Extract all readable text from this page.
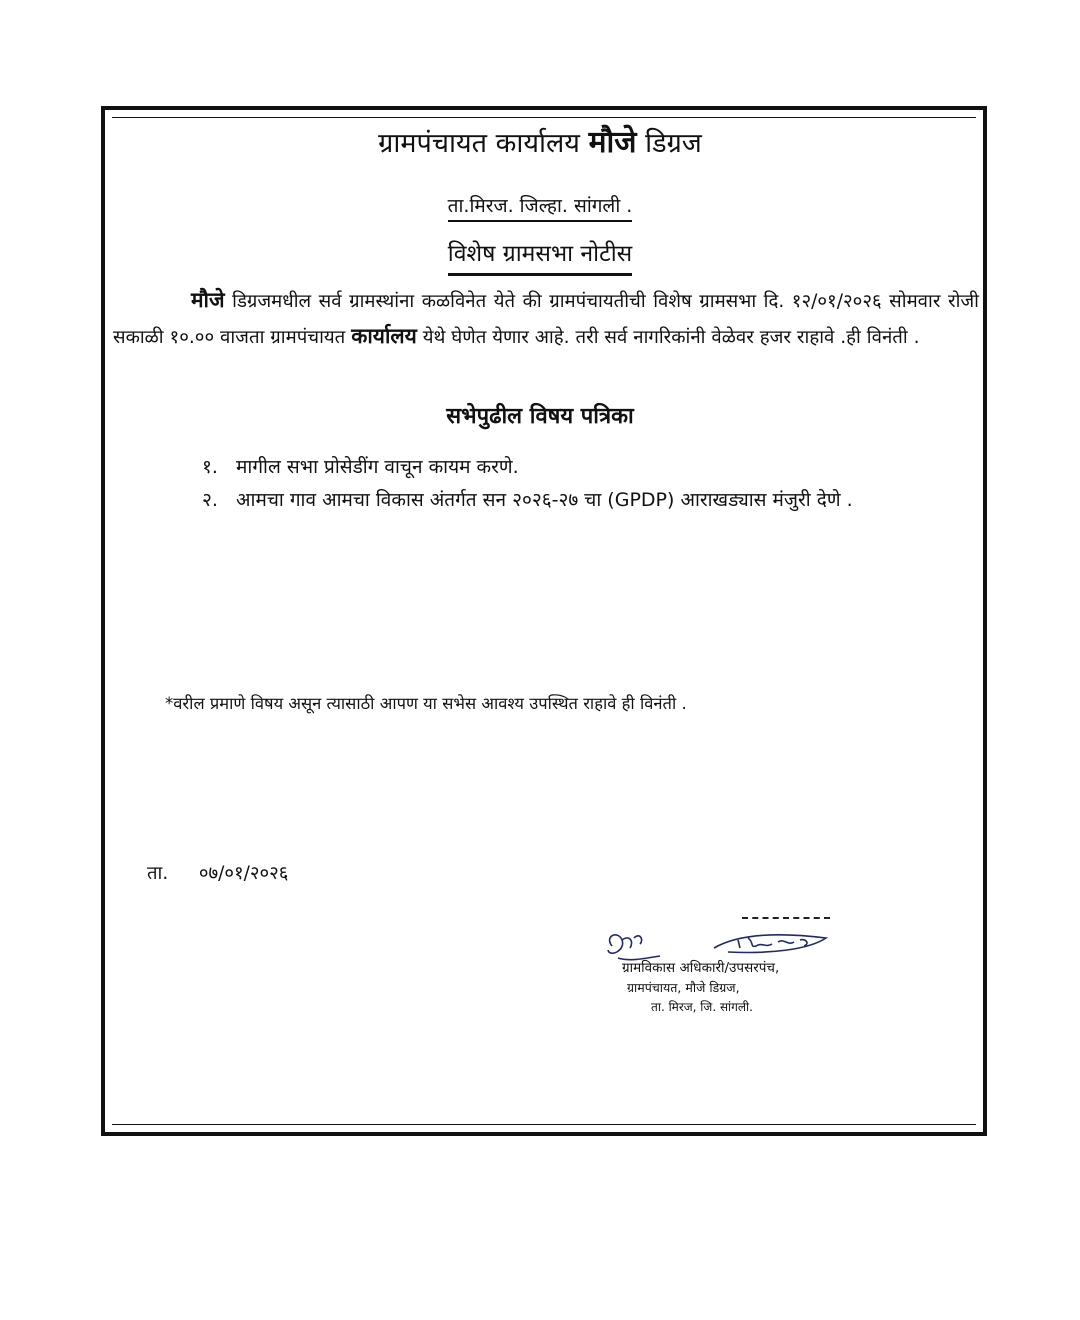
ग्रामपंचायत कार्यालय मौजे डिग्रज
ता.मिरज. जिल्हा. सांगली .
विशेष ग्रामसभा नोटीस
मौजे डिग्रजमधील सर्व ग्रामस्थांना कळविनेत येते की ग्रामपंचायतीची विशेष ग्रामसभा दि. १२/०१/२०२६ सोमवार रोजी सकाळी १०.०० वाजता ग्रामपंचायत कार्यालय येथे घेणेत येणार आहे. तरी सर्व नागरिकांनी वेळेवर हजर राहावे .ही विनंती .
सभेपुढील विषय पत्रिका
१. मागील सभा प्रोसेडींग वाचून कायम करणे.
२. आमचा गाव आमचा विकास अंतर्गत सन २०२६-२७ चा (GPDP) आराखड्यास मंजुरी देणे .
*वरील प्रमाणे विषय असून त्यासाठी आपण या सभेस आवश्य उपस्थित राहावे ही विनंती .
ता. ०७/०१/२०२६
ग्रामविकास अधिकारी/उपसरपंच,
ग्रामपंचायत, मौजे डिग्रज,
ता. मिरज, जि. सांगली.
